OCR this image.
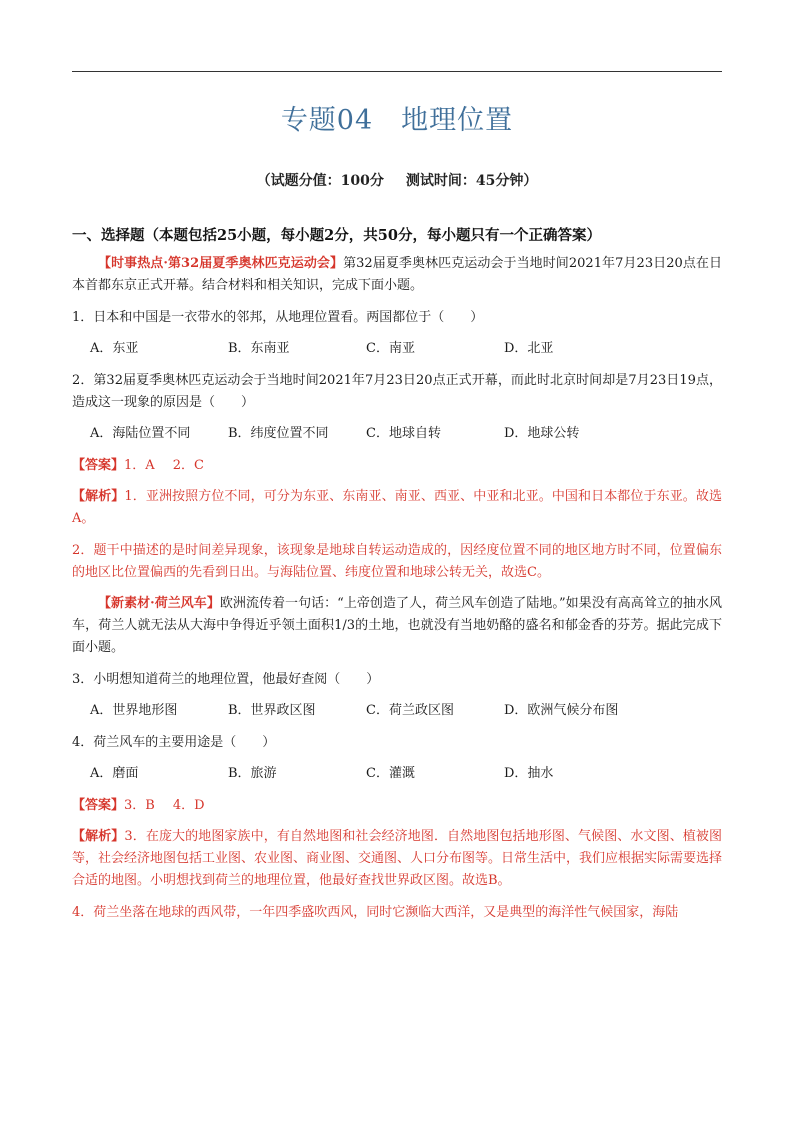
专题04 地理位置
（试题分值：100分 测试时间：45分钟）
一、选择题（本题包括25小题，每小题2分，共50分，每小题只有一个正确答案）

【时事热点·第32届夏季奥林匹克运动会】第32届夏季奥林匹克运动会于当地时间2021年7月23日20点在日本首都东京正式开幕。结合材料和相关知识，完成下面小题。

1．日本和中国是一衣带水的邻邦，从地理位置看。两国都位于（　　）

A．东亚	B．东南亚	C．南亚	D．北亚

2．第32届夏季奥林匹克运动会于当地时间2021年7月23日20点正式开幕，而此时北京时间却是7月23日19点，造成这一现象的原因是（　　）

A．海陆位置不同	B．纬度位置不同	C．地球自转	D．地球公转

【答案】1．A 2．C

【解析】1．亚洲按照方位不同，可分为东亚、东南亚、南亚、西亚、中亚和北亚。中国和日本都位于东亚。故选A。

2．题干中描述的是时间差异现象，该现象是地球自转运动造成的，因经度位置不同的地区地方时不同，位置偏东的地区比位置偏西的先看到日出。与海陆位置、纬度位置和地球公转无关，故选C。

【新素材·荷兰风车】欧洲流传着一句话：“上帝创造了人，荷兰风车创造了陆地。”如果没有高高耸立的抽水风车，荷兰人就无法从大海中争得近乎领土面积1/3的土地，也就没有当地奶酪的盛名和郁金香的芬芳。据此完成下面小题。

3．小明想知道荷兰的地理位置，他最好查阅（　　）

A．世界地形图	B．世界政区图	C．荷兰政区图	D．欧洲气候分布图

4．荷兰风车的主要用途是（　　）

A．磨面	B．旅游	C．灌溉	D．抽水

【答案】3．B 4．D

【解析】3．在庞大的地图家族中，有自然地图和社会经济地图．自然地图包括地形图、气候图、水文图、植被图等，社会经济地图包括工业图、农业图、商业图、交通图、人口分布图等。日常生活中，我们应根据实际需要选择合适的地图。小明想找到荷兰的地理位置，他最好查找世界政区图。故选B。

4．荷兰坐落在地球的西风带，一年四季盛吹西风，同时它濒临大西洋，又是典型的海洋性气候国家，海陆
